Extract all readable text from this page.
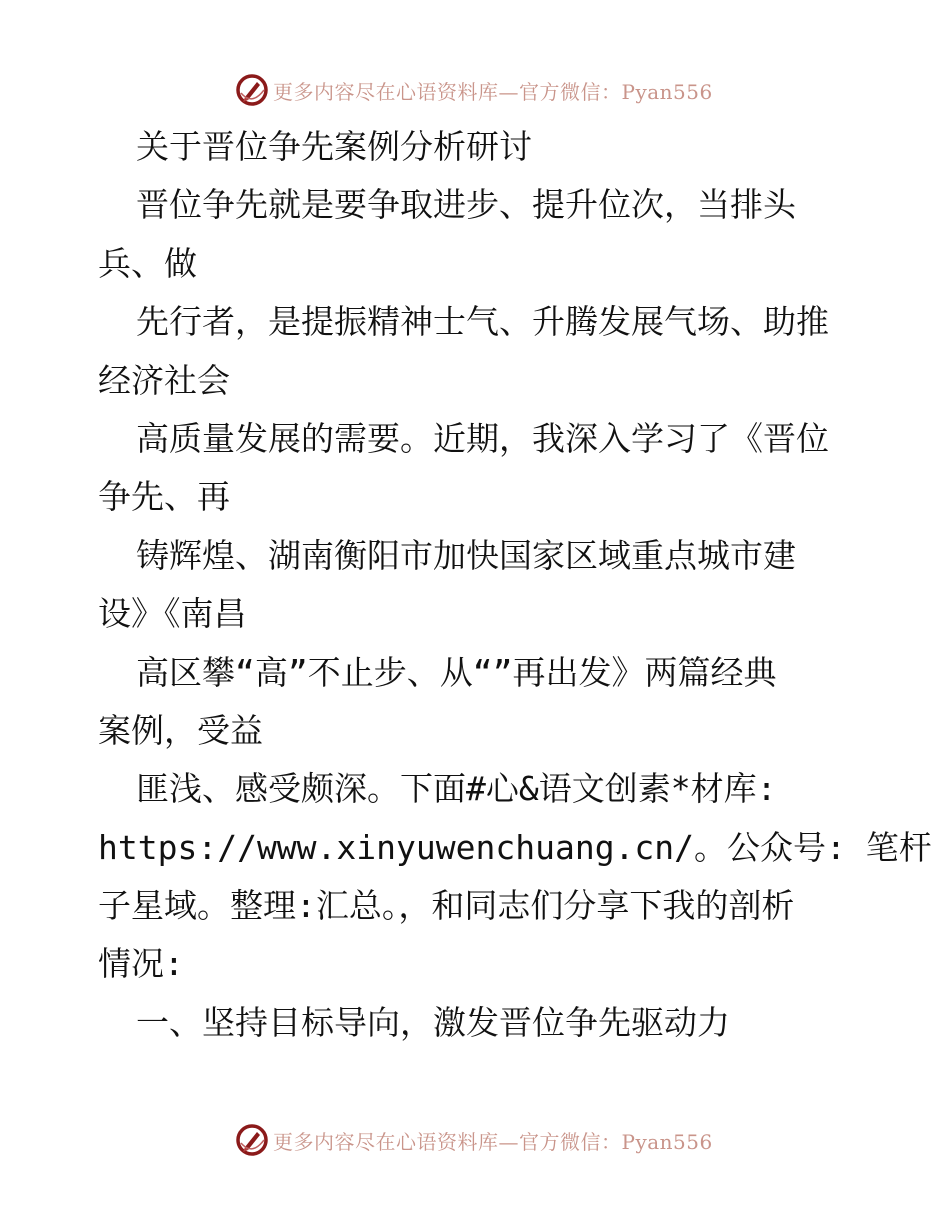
更多内容尽在心语资料库—官方微信：Pyan556
关于晋位争先案例分析研讨
晋位争先就是要争取进步、提升位次，当排头
兵、做
先行者，是提振精神士气、升腾发展气场、助推
经济社会
高质量发展的需要。近期，我深入学习了《晋位
争先、再
铸辉煌、湖南衡阳市加快国家区域重点城市建
设》《南昌
高区攀“高”不止步、从“”再出发》两篇经典
案例，受益
匪浅、感受颇深。下面#心&语文创素*材库:
https://www.xinyuwenchuang.cn/。公众号: 笔杆
子星域。整理:汇总。，和同志们分享下我的剖析
情况:
一、坚持目标导向，激发晋位争先驱动力
更多内容尽在心语资料库—官方微信：Pyan556
